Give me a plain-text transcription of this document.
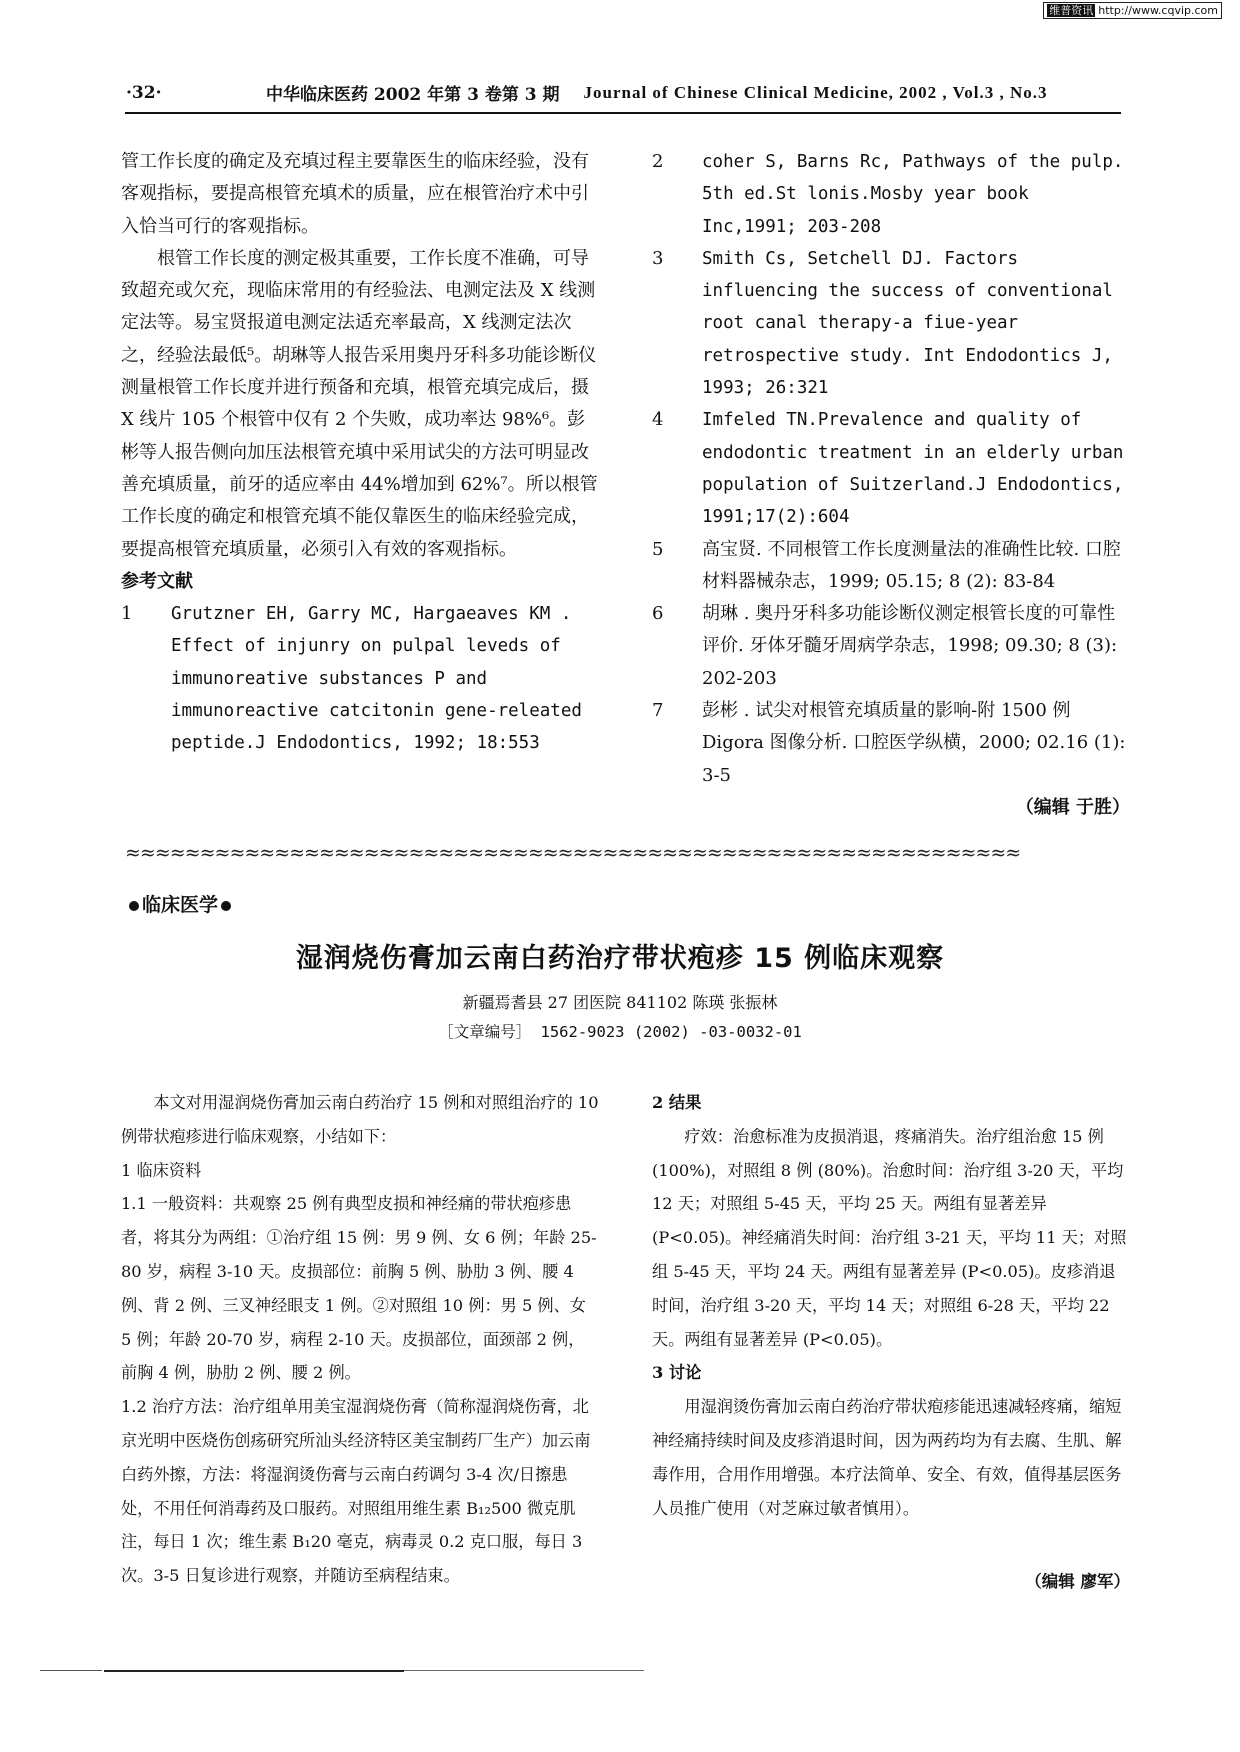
维普资讯 http://www.cqvip.com
·32·	中华临床医药 2002 年第 3 卷第 3 期 Journal of Chinese Clinical Medicine, 2002 , Vol.3 , No.3

管工作长度的确定及充填过程主要靠医生的临床经验，没有客观指标，要提高根管充填术的质量，应在根管治疗术中引入恰当可行的客观指标。

根管工作长度的测定极其重要，工作长度不准确，可导致超充或欠充，现临床常用的有经验法、电测定法及 X 线测定法等。易宝贤报道电测定法适充率最高，X 线测定法次之，经验法最低⁵。胡琳等人报告采用奥丹牙科多功能诊断仪测量根管工作长度并进行预备和充填，根管充填完成后，摄 X 线片 105 个根管中仅有 2 个失败，成功率达 98%⁶。彭彬等人报告侧向加压法根管充填中采用试尖的方法可明显改善充填质量，前牙的适应率由 44%增加到 62%⁷。所以根管工作长度的确定和根管充填不能仅靠医生的临床经验完成，要提高根管充填质量，必须引入有效的客观指标。

参考文献

1	Grutzner EH, Garry MC, Hargaeaves KM . Effect of injunry on pulpal leveds of immunoreative substances P and immunoreactive catcitonin gene-releated peptide.J Endodontics, 1992; 18:553
2	coher S, Barns Rc, Pathways of the pulp. 5th ed.St lonis.Mosby year book Inc,1991; 203-208
3	Smith Cs, Setchell DJ. Factors influencing the success of conventional root canal therapy-a fiue-year retrospective study. Int Endodontics J, 1993; 26:321
4	Imfeled TN.Prevalence and quality of endodontic treatment in an elderly urban population of Suitzerland.J Endodontics, 1991;17(2):604
5	高宝贤. 不同根管工作长度测量法的准确性比较. 口腔材料器械杂志，1999; 05.15; 8 (2): 83-84
6	胡琳 . 奥丹牙科多功能诊断仪测定根管长度的可靠性评价. 牙体牙髓牙周病学杂志，1998; 09.30; 8 (3): 202-203
7	彭彬 . 试尖对根管充填质量的影响-附 1500 例 Digora 图像分析. 口腔医学纵横，2000; 02.16 (1): 3-5

（编辑 于胜）

≈≈≈≈≈≈≈≈≈≈≈≈≈≈≈≈≈≈≈≈≈≈≈≈≈≈≈≈≈≈≈≈≈≈≈≈≈≈≈≈≈≈≈≈≈≈≈≈≈≈≈≈≈≈≈≈≈≈≈≈
临床医学
湿润烧伤膏加云南白药治疗带状疱疹 15 例临床观察
新疆焉耆县 27 团医院 841102 陈瑛 张振林
［文章编号］ 1562-9023 (2002) -03-0032-01

本文对用湿润烧伤膏加云南白药治疗 15 例和对照组治疗的 10 例带状疱疹进行临床观察，小结如下：

1 临床资料

1.1 一般资料：共观察 25 例有典型皮损和神经痛的带状疱疹患者，将其分为两组：①治疗组 15 例：男 9 例、女 6 例；年龄 25-80 岁，病程 3-10 天。皮损部位：前胸 5 例、胁肋 3 例、腰 4 例、背 2 例、三叉神经眼支 1 例。②对照组 10 例：男 5 例、女 5 例；年龄 20-70 岁，病程 2-10 天。皮损部位，面颈部 2 例，前胸 4 例，胁肋 2 例、腰 2 例。

1.2 治疗方法：治疗组单用美宝湿润烧伤膏（简称湿润烧伤膏，北京光明中医烧伤创疡研究所汕头经济特区美宝制药厂生产）加云南白药外擦，方法：将湿润烫伤膏与云南白药调匀 3-4 次/日擦患处，不用任何消毒药及口服药。对照组用维生素 B₁₂500 微克肌注，每日 1 次；维生素 B₁20 毫克，病毒灵 0.2 克口服，每日 3 次。3-5 日复诊进行观察，并随访至病程结束。

2 结果

疗效：治愈标准为皮损消退，疼痛消失。治疗组治愈 15 例 (100%)，对照组 8 例 (80%)。治愈时间：治疗组 3-20 天，平均 12 天；对照组 5-45 天，平均 25 天。两组有显著差异 (P<0.05)。神经痛消失时间：治疗组 3-21 天，平均 11 天；对照组 5-45 天，平均 24 天。两组有显著差异 (P<0.05)。皮疹消退时间，治疗组 3-20 天，平均 14 天；对照组 6-28 天，平均 22 天。两组有显著差异 (P<0.05)。

3 讨论

用湿润烫伤膏加云南白药治疗带状疱疹能迅速减轻疼痛，缩短神经痛持续时间及皮疹消退时间，因为两药均为有去腐、生肌、解毒作用，合用作用增强。本疗法简单、安全、有效，值得基层医务人员推广使用（对芝麻过敏者慎用）。

（编辑 廖军）
